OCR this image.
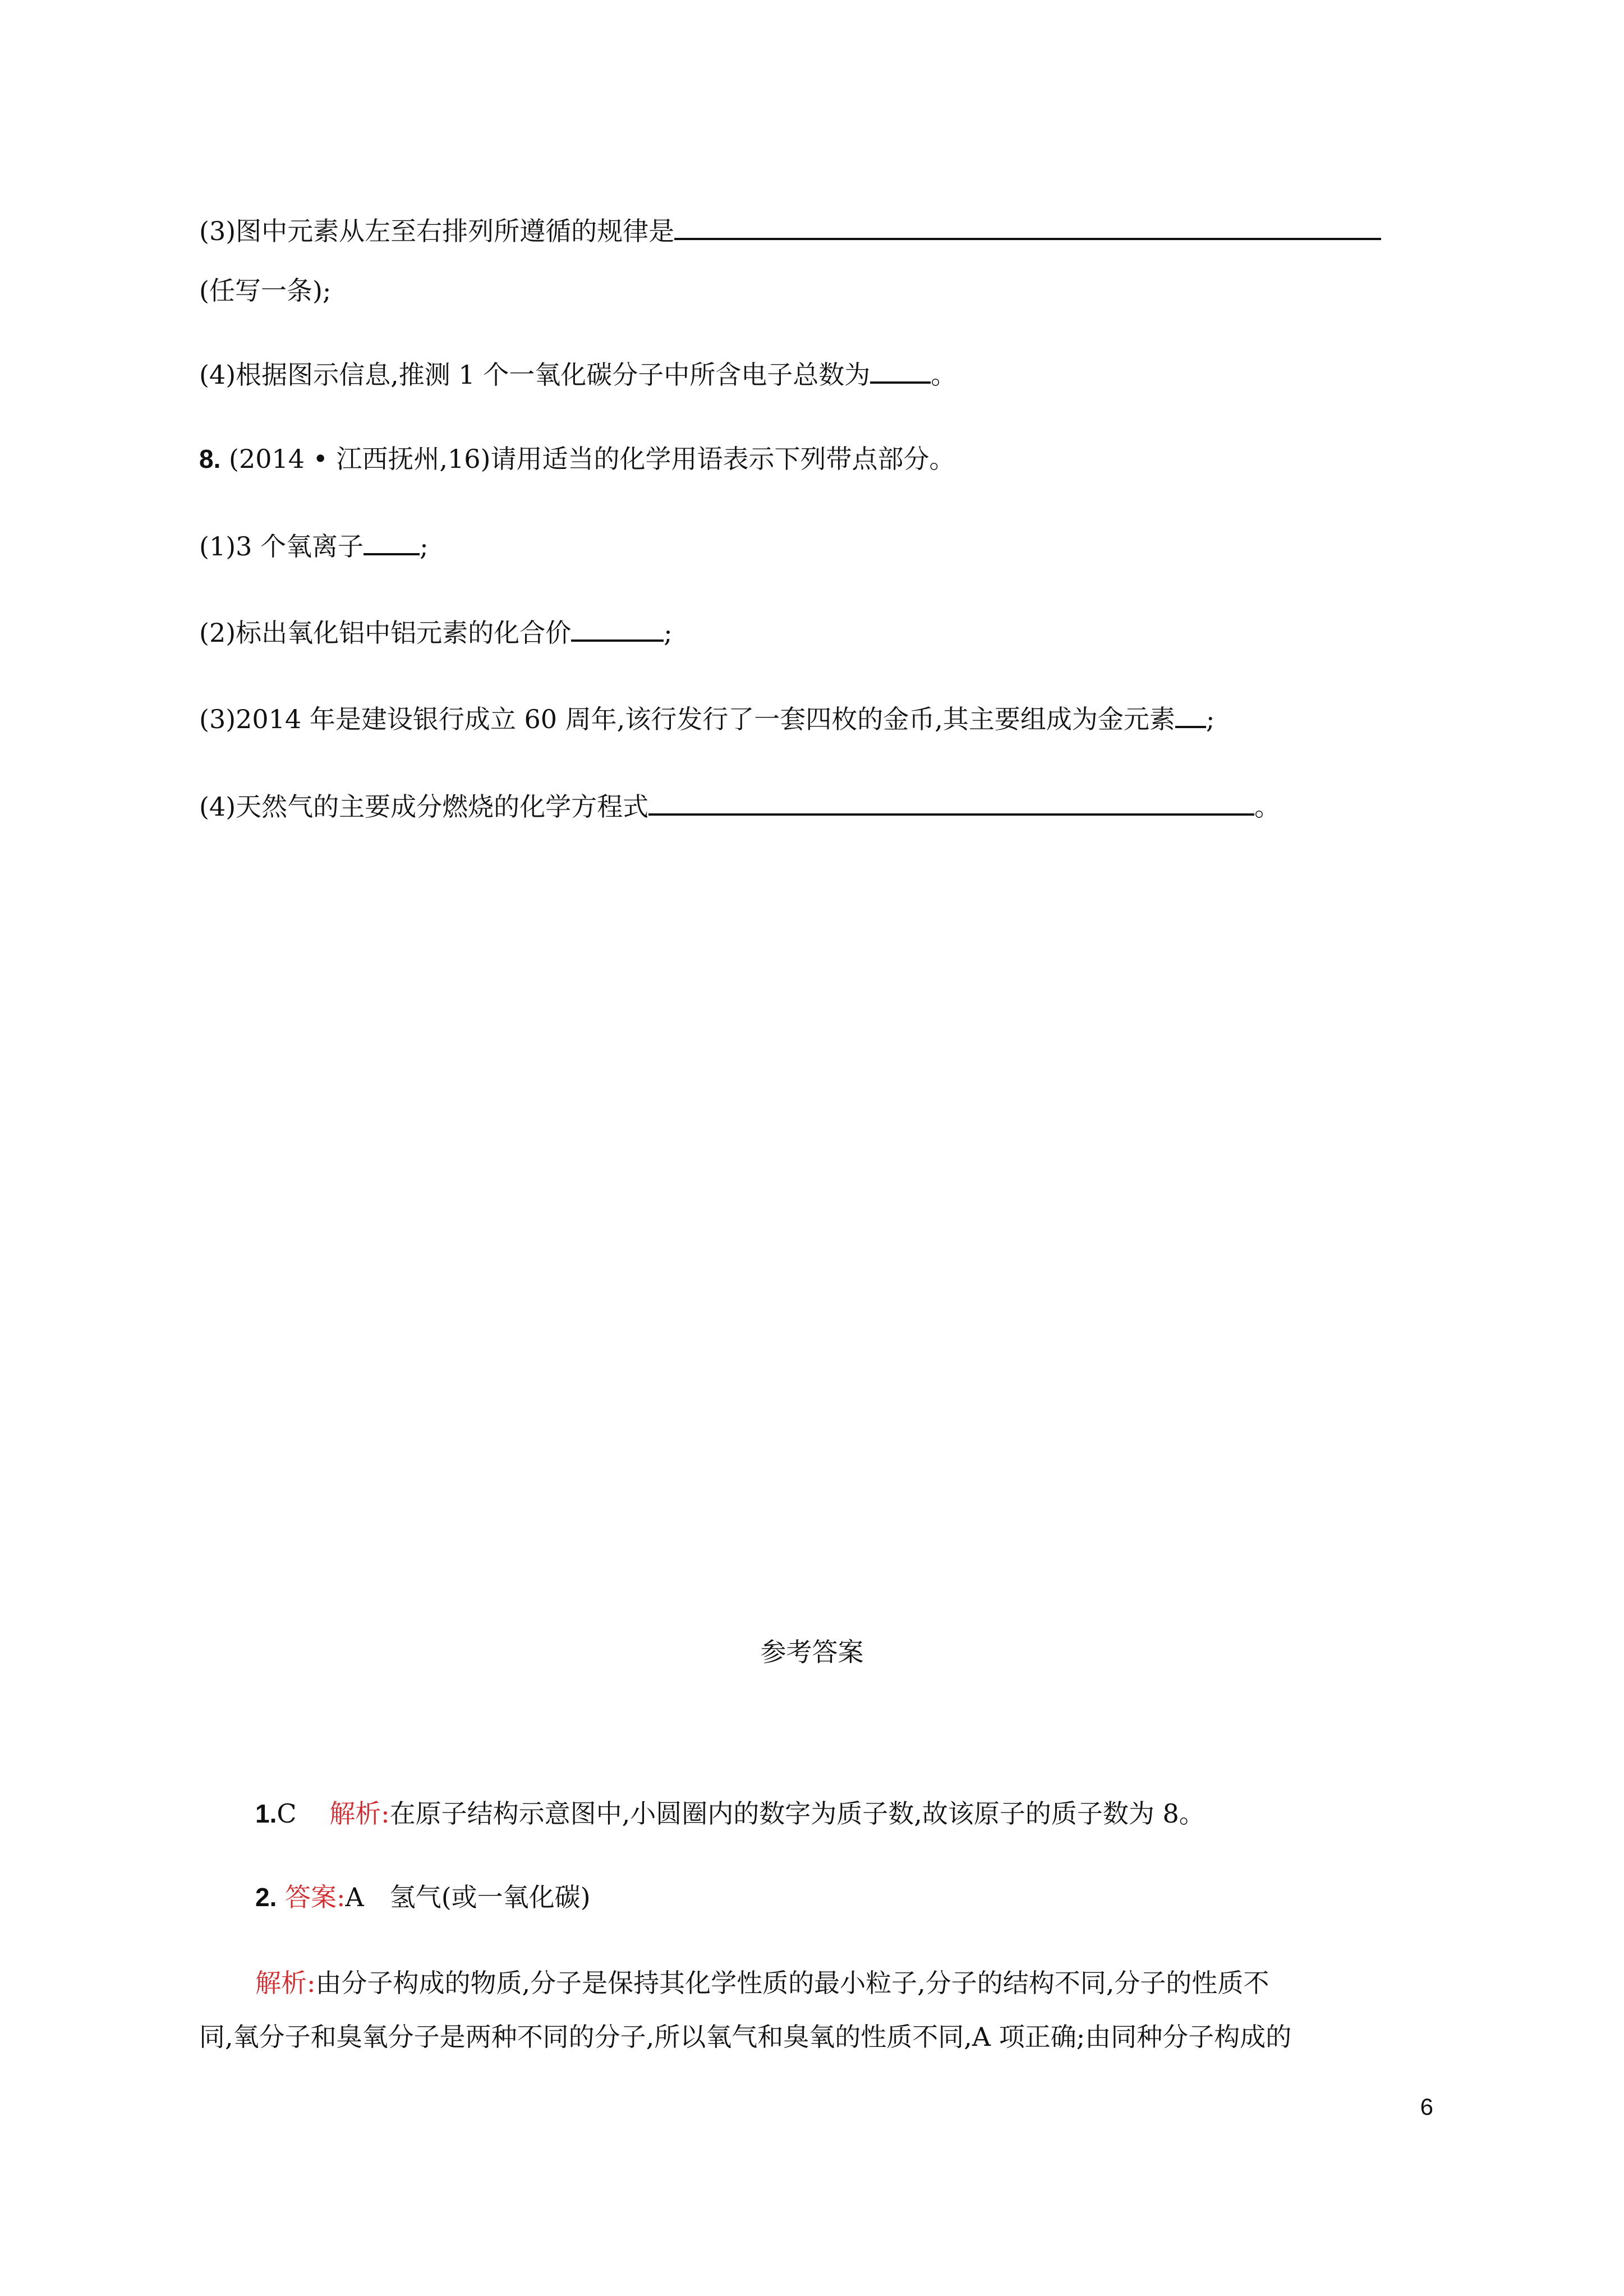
(3)图中元素从左至右排列所遵循的规律是
(任写一条);
(4)根据图示信息,推测 1 个一氧化碳分子中所含电子总数为 。
8. (2014 • 江西抚州,16)请用适当的化学用语表示下列带点部分。
(1)3 个氧离子 ;
(2)标出氧化铝中铝元素的化合价	;
(3)2014 年是建设银行成立 60 周年,该行发行了一套四枚的金币,其主要组成为金元素 ;
(4)天然气的主要成分燃烧的化学方程式	。
参考答案
1.C 解析:在原子结构示意图中,小圆圈内的数字为质子数,故该原子的质子数为 8。
2. 答案:A　氢气(或一氧化碳)
解析:由分子构成的物质,分子是保持其化学性质的最小粒子,分子的结构不同,分子的性质不
同,氧分子和臭氧分子是两种不同的分子,所以氧气和臭氧的性质不同,A 项正确;由同种分子构成的
6
